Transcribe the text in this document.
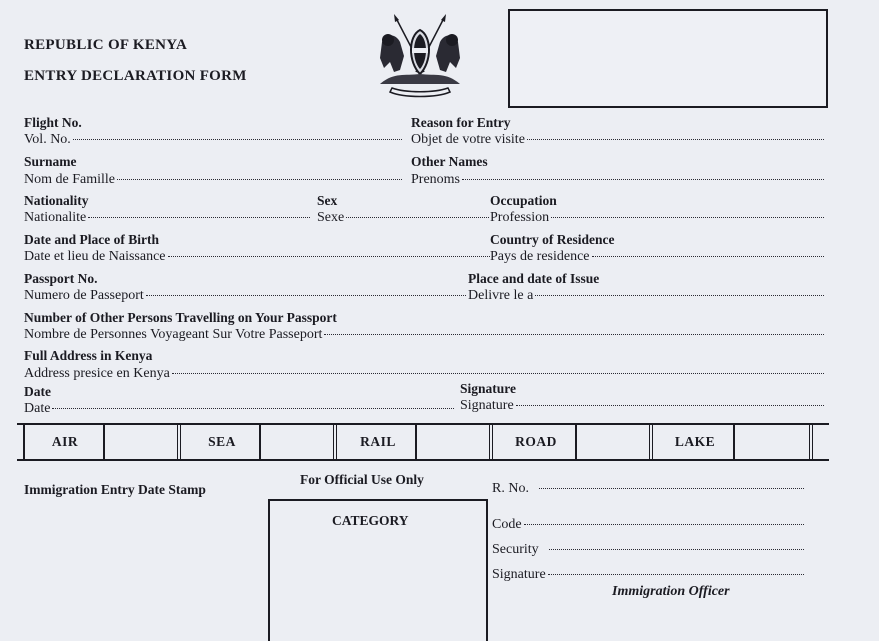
REPUBLIC OF KENYA
ENTRY DECLARATION FORM
Flight No.
Vol. No.
Reason for Entry
Objet de votre visite
Surname
Nom de Famille
Other Names
Prenoms
Nationality
Nationalite
Sex
Sexe
Occupation
Profession
Date and Place of Birth
Date et lieu de Naissance
Country of Residence
Pays de residence
Passport No.
Numero de Passeport
Place and date of Issue
Delivre le a
Number of Other Persons Travelling on Your Passport
Nombre de Personnes Voyageant Sur Votre Passeport
Full Address in Kenya
Address presice en Kenya
Date
Date
Signature
Signature
AIR	SEA	RAIL	ROAD	LAKE
Immigration Entry Date Stamp
For Official Use Only
CATEGORY
R. No.
Code
Security
Signature
Immigration Officer
